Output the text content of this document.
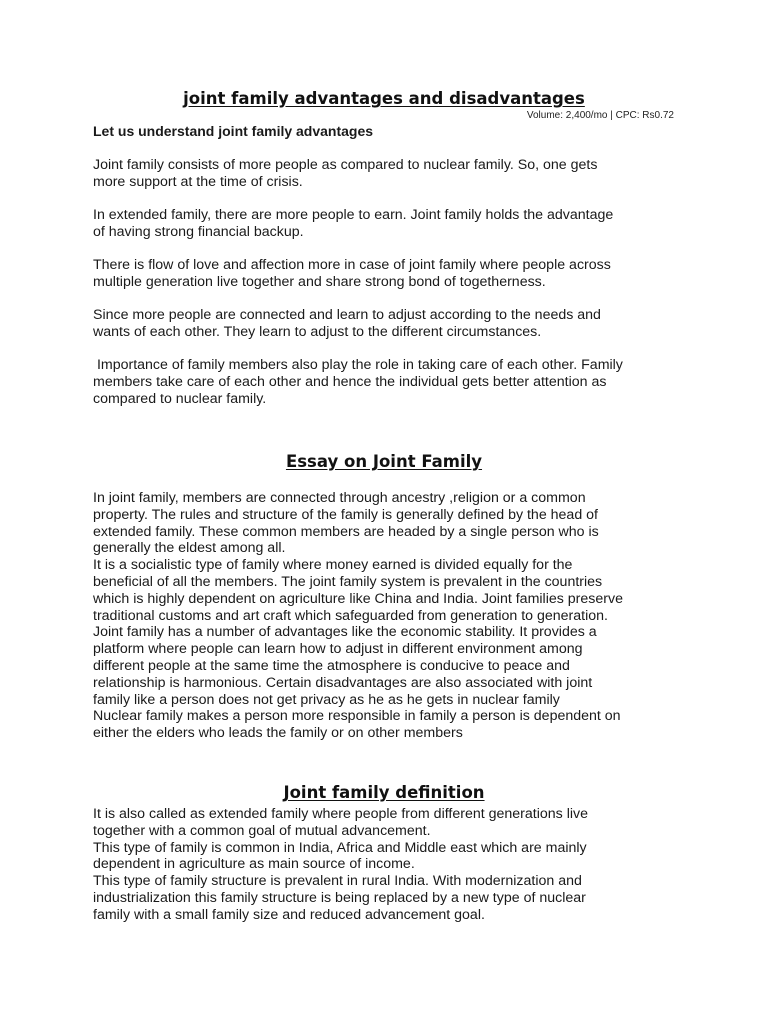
joint family advantages and disadvantages
Volume: 2,400/mo | CPC: Rs0.72
Let us understand joint family advantages
Joint family consists of more people as compared to nuclear family. So, one gets
more support at the time of crisis.
In extended family, there are more people to earn. Joint family holds the advantage
of having strong financial backup.
There is flow of love and affection more in case of joint family where people across
multiple generation live together and share strong bond of togetherness.
Since more people are connected and learn to adjust according to the needs and
wants of each other. They learn to adjust to the different circumstances.
Importance of family members also play the role in taking care of each other. Family
members take care of each other and hence the individual gets better attention as
compared to nuclear family.
Essay on Joint Family
In joint family, members are connected through ancestry ,religion or a common
property. The rules and structure of the family is generally defined by the head of
extended family. These common members are headed by a single person who is
generally the eldest among all.
It is a socialistic type of family where money earned is divided equally for the
beneficial of all the members. The joint family system is prevalent in the countries
which is highly dependent on agriculture like China and India. Joint families preserve
traditional customs and art craft which safeguarded from generation to generation.
Joint family has a number of advantages like the economic stability. It provides a
platform where people can learn how to adjust in different environment among
different people at the same time the atmosphere is conducive to peace and
relationship is harmonious. Certain disadvantages are also associated with joint
family like a person does not get privacy as he as he gets in nuclear family
Nuclear family makes a person more responsible in family a person is dependent on
either the elders who leads the family or on other members
Joint family definition
It is also called as extended family where people from different generations live
together with a common goal of mutual advancement.
This type of family is common in India, Africa and Middle east which are mainly
dependent in agriculture as main source of income.
This type of family structure is prevalent in rural India. With modernization and
industrialization this family structure is being replaced by a new type of nuclear
family with a small family size and reduced advancement goal.
